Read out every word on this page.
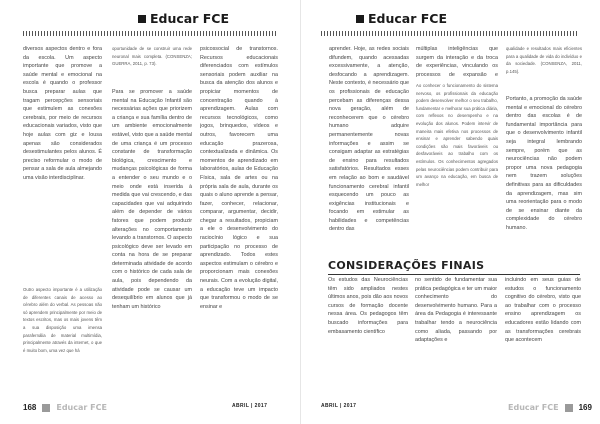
Educar FCE
diversos aspectos dentro e fora da escola. Um aspecto importante que promove a saúde mental e emocional na escola é quando o professor busca preparar aulas que tragam percepções sensoriais que estimulem as conexões cerebrais, por meio de recursos educacionais variados, visto que hoje aulas com giz e lousa apenas são considerados desestimulantes pelos alunos. É preciso reformular o modo de pensar a sala de aula almejando uma visão interdisciplinar.
Outro aspecto importante é a utilização de diferentes canais de acesso ao cérebro além do verbal. As pessoas não só aprendem principalmente por meio de textos escritos, mas os mais jovens têm a sua disposição uma imensa parafernália de material multimídia, principalmente através da internet, o que é muito bom, uma vez que há
oportunidade de se construir uma rede neuronal mais completa. (CONSENZA; GUERRA, 2011, p. 73).
Para se promover a saúde mental na Educação Infantil são necessárias ações que priorizem a criança e sua família dentro de um ambiente emocionalmente estável, visto que a saúde mental de uma criança é um processo constante de transformação biológica, crescimento e mudanças psicológicas de forma a entender o seu mundo e o meio onde está inserida à medida que vai crescendo, e das capacidades que vai adquirindo além de depender de vários fatores que podem produzir alterações no comportamento levando a transtornos. O aspecto psicológico deve ser levado em conta na hora de se preparar determinada atividade de acordo com o histórico de cada sala de aula, pois dependendo da atividade pode se causar um desequilíbrio em alunos que já tenham um histórico
psicossocial de transtornos. Recursos educacionais diferenciados com estímulos sensoriais podem auxiliar na busca da atenção dos alunos e propiciar momentos de concentração quando à aprendizagem. Aulas com recursos tecnológicos, como jogos, brinquedos, vídeos e outros, favorecem uma educação prazerosa, contextualizada e dinâmica. Os momentos de aprendizado em laboratórios, aulas de Educação Física, sala de artes ou na própria sala de aula, durante os quais o aluno aprende a pensar, fazer, conhecer, relacionar, comparar, argumentar, decidir, chegar a resultados, propiciam a ele o desenvolvimento do raciocínio lógico e sua participação no processo de aprendizado. Todos estes aspectos estimulam o cérebro e proporcionam mais conexões neurais. Com a evolução digital, a educação teve um impacto que transformou o modo de se ensinar e
168	Educar FCE	ABRIL | 2017
Educar FCE
aprender. Hoje, as redes sociais difundem, quando acessadas excessivamente, a atenção, desfocando a aprendizagem. Neste contexto, é necessário que os profissionais de educação percebam as diferenças dessa nova geração, além de reconhecerem que o cérebro humano adquire permanentemente novas informações e assim se consigam adaptar as estratégias de ensino para resultados satisfatórios. Resultados esses em relação ao bom e saudável funcionamento cerebral infantil esquecendo um pouco as exigências institucionais e focando em estimular as habilidades e competências dentro das
múltiplas inteligências que surgem da interação e da troca de experiências, vinculando os processos de expansão e
Ao conhecer o funcionamento do sistema nervoso, os profissionais da educação podem desenvolver melhor o seu trabalho, fundamentar e melhorar sua prática diária, com reflexos no desempenho e na evolução dos alunos. Podem intervir de maneira mais efetiva nos processos de ensinar e aprender sabendo quais condições são mais favoráveis ou desfavoráveis ao trabalho com os estímulos. Os conhecimentos agregados pelas neurociências podem contribuir para um avanço na educação, em busca de melhor
qualidade e resultados mais eficientes para a qualidade de vida do indivíduo e da sociedade. (CONSENZA, 2011, p.145).
Portanto, a promoção da saúde mental e emocional do cérebro dentro das escolas é de fundamental importância para que o desenvolvimento infantil seja integral lembrando sempre, porém que as neurociências não podem propor uma nova pedagogia nem trazem soluções definitivas para as dificuldades da aprendizagem, mas sim uma reorientação para o modo de se ensinar diante da complexidade do cérebro humano.
ABRIL | 2017	Educar FCE	169
CONSIDERAÇÕES FINAIS
Os estudos das Neurociências têm sido ampliados nestes últimos anos, pois dão aos novos cursos de formação docente nessa área. Os pedagogos têm buscado informações para embasamento científico
no sentido de fundamentar sua prática pedagógica e ter um maior conhecimento do desenvolvimento humano. Para a área da Pedagogia é interessante trabalhar tendo a neurociência como aliada, passando por adaptações e
incluindo em seus guias de estudos o funcionamento cognitivo do cérebro, visto que ao trabalhar com o processo ensino aprendizagem os educadores estão lidando com as transformações cerebrais que acontecem
